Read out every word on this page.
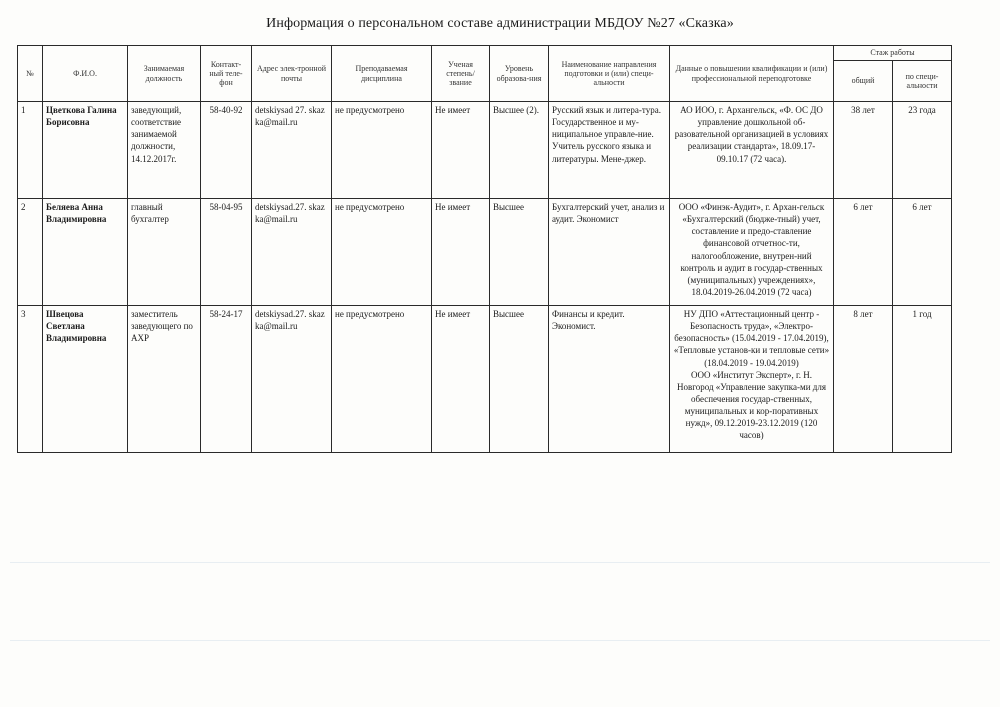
Информация о персональном составе администрации МБДОУ №27 «Сказка»
№	Ф.И.О.	Занимаемая должность	Контакт-ный теле-фон	Адрес элек-тронной почты	Преподаваемая дисциплина	Ученая степень/ звание	Уровень образова-ния	Наименование направления подготовки и (или) специ-альности	Данные о повышении квалификации и (или) профессиональной переподготовке	Стаж работы	
										общий	по специ-альности
1	Цветкова Галина Борисовна	заведующий, соответствие занимаемой должности, 14.12.2017г.	58-40-92	detskiysad 27. skazka@mail.ru	не предусмотрено	Не имеет	Высшее (2).	Русский язык и литера-тура. Государственное и му-ниципальное управле-ние. Учитель русского языка и литературы. Мене-джер.	АО ИОО, г. Архангельск, «Ф. ОС ДО управление дошкольной об-разовательной организацией в условиях реализации стандарта», 18.09.17-09.10.17 (72 часа).	38 лет	23 года
2	Беляева Анна Владимировна	главный бухгалтер	58-04-95	detskiysad.27. skazka@mail.ru	не предусмотрено	Не имеет	Высшее	Бухгалтерский учет, анализ и аудит. Экономист	ООО «Финэк-Аудит», г. Архан-гельск «Бухгалтерский (бюдже-тный) учет, составление и предо-ставление финансовой отчетнос-ти, налогообложение, внутрен-ний контроль и аудит в государ-ственных (муниципальных) учреждениях», 18.04.2019-26.04.2019 (72 часа)	6 лет	6 лет
3	Швецова Светлана Владимировна	заместитель заведующего по АХР	58-24-17	detskiysad.27. skazka@mail.ru	не предусмотрено	Не имеет	Высшее	Финансы и кредит. Экономист.	НУ ДПО «Аттестационный центр - Безопасность труда», «Электро-безопасность» (15.04.2019 - 17.04.2019), «Тепловые установ-ки и тепловые сети» (18.04.2019 - 19.04.2019)
ООО «Институт Эксперт», г. Н. Новгород «Управление закупка-ми для обеспечения государ-ственных, муниципальных и кор-поративных нужд», 09.12.2019-23.12.2019 (120 часов)	8 лет	1 год
